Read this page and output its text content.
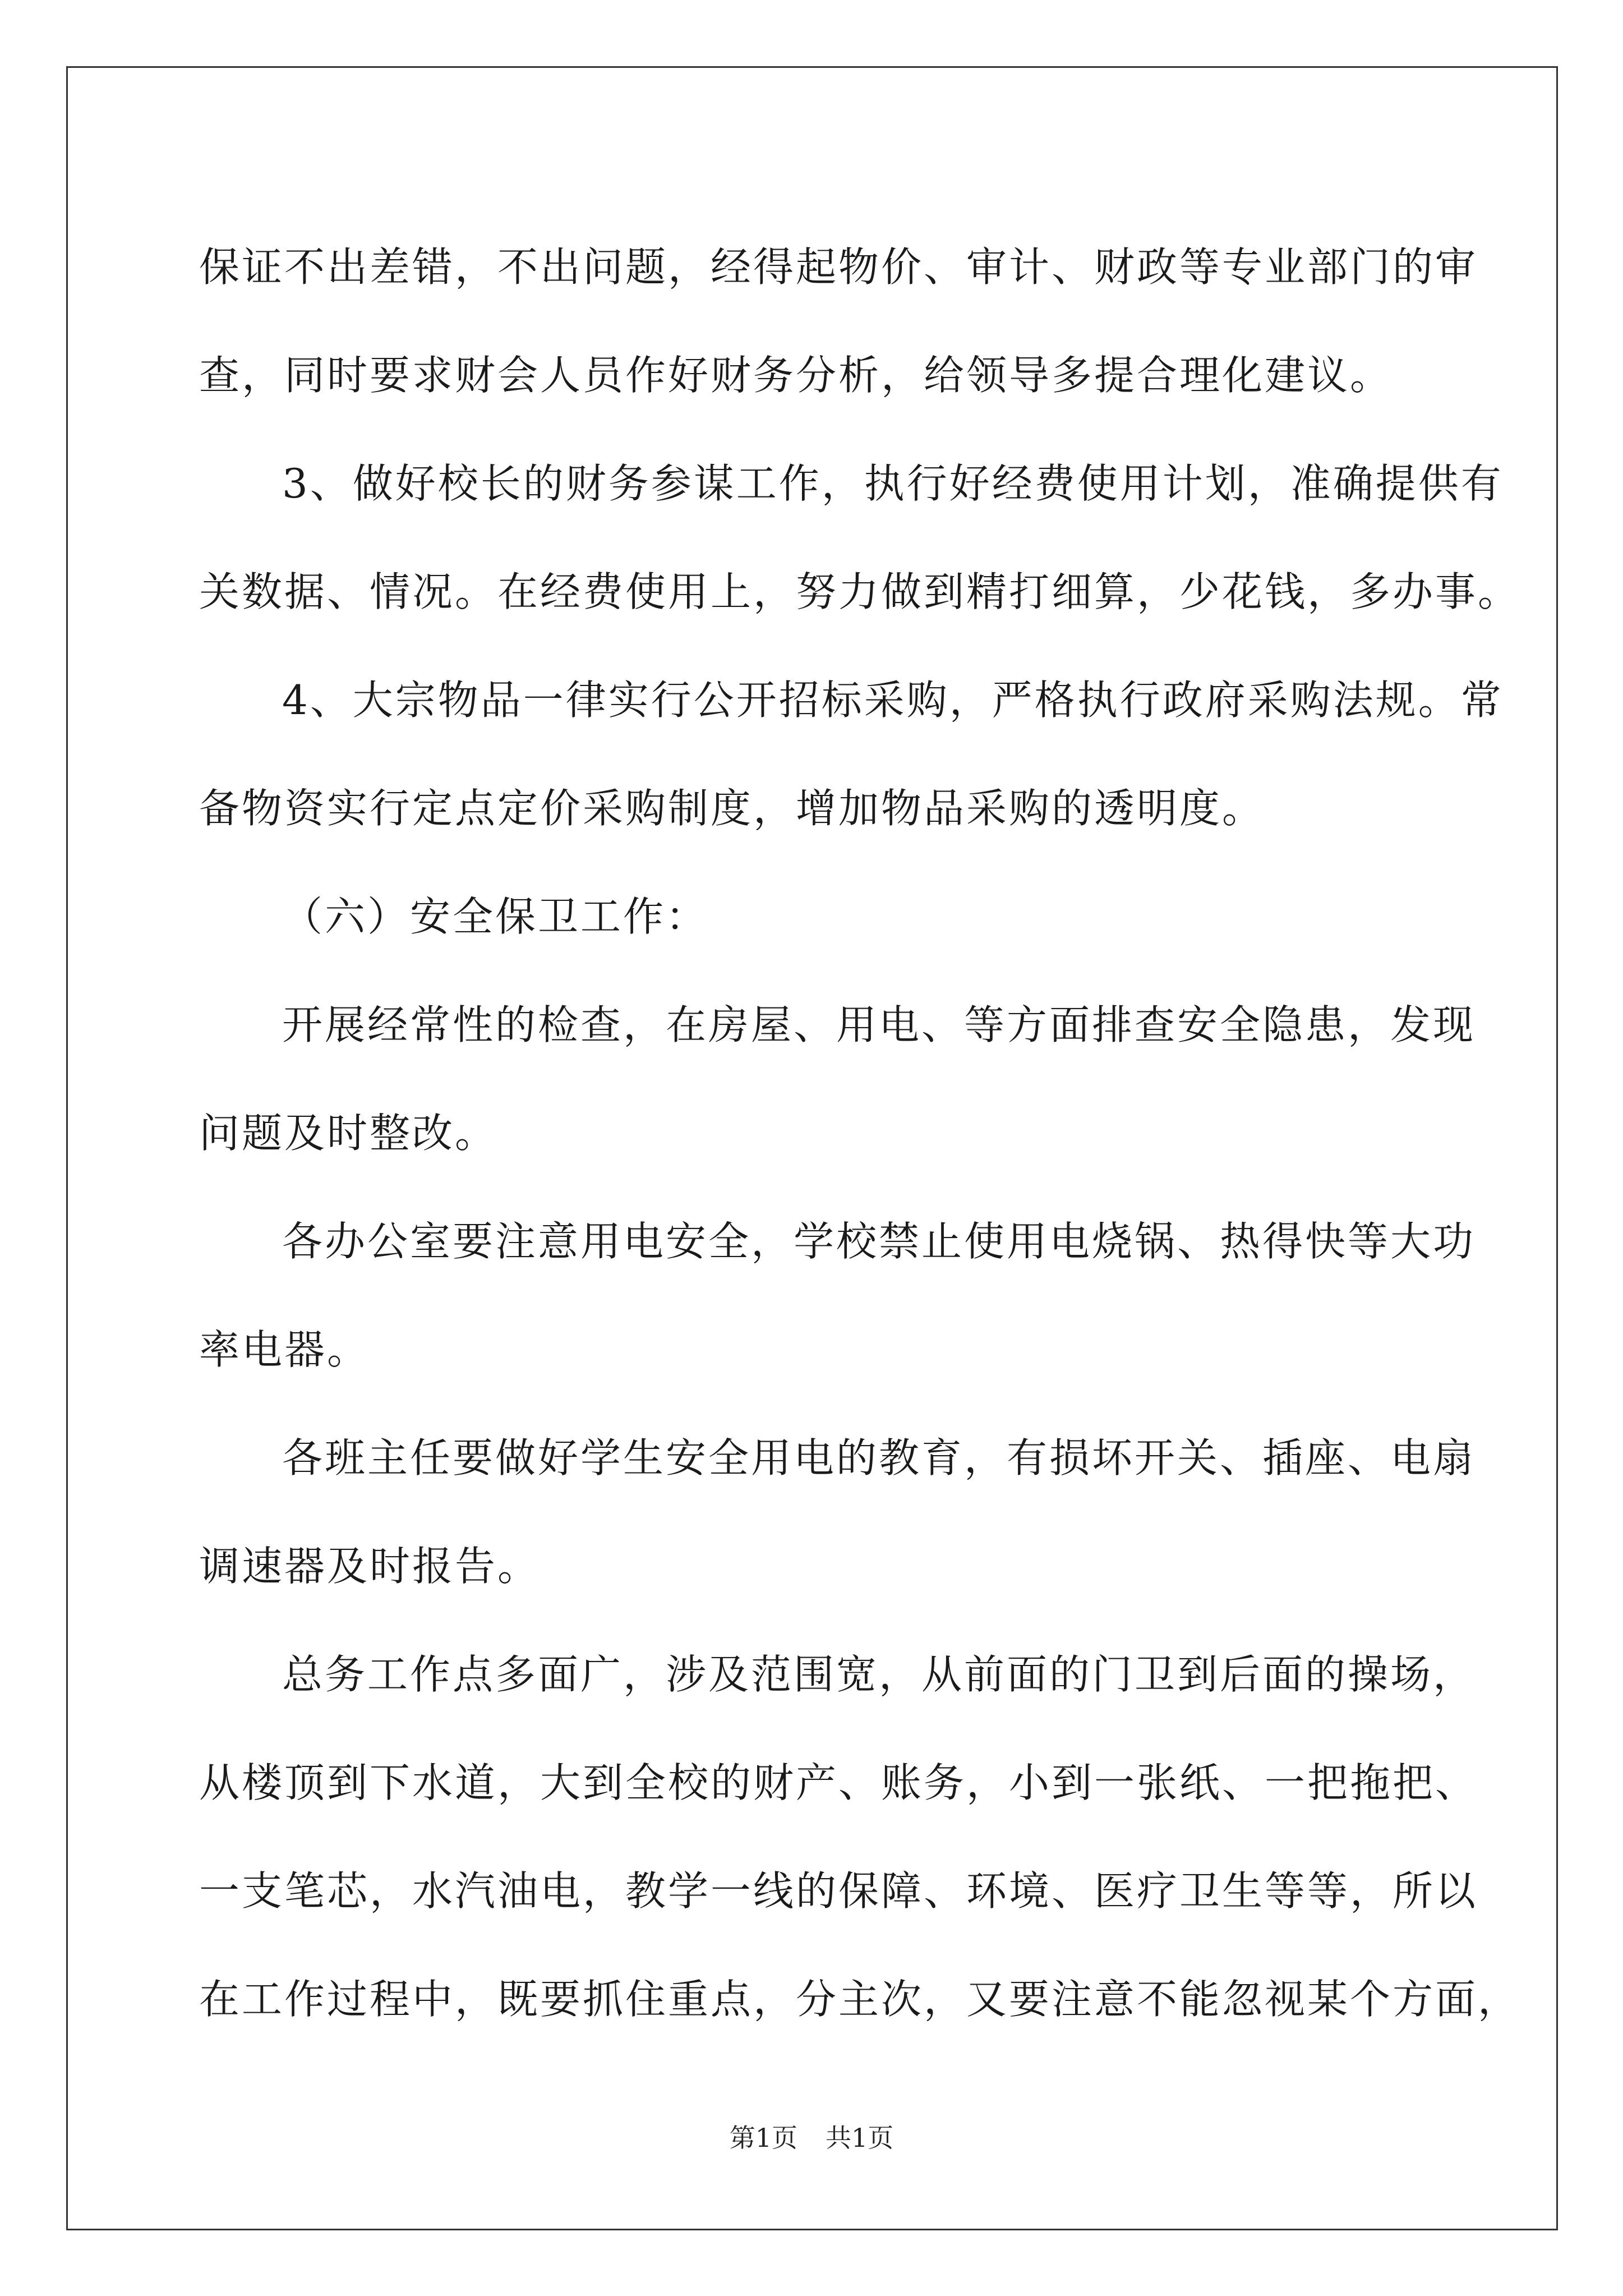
保证不出差错，不出问题，经得起物价、审计、财政等专业部门的审

查，同时要求财会人员作好财务分析，给领导多提合理化建议。

3、做好校长的财务参谋工作，执行好经费使用计划，准确提供有

关数据、情况。在经费使用上，努力做到精打细算，少花钱，多办事。

4、大宗物品一律实行公开招标采购，严格执行政府采购法规。常

备物资实行定点定价采购制度，增加物品采购的透明度。

（六）安全保卫工作：

开展经常性的检查，在房屋、用电、等方面排查安全隐患，发现

问题及时整改。

各办公室要注意用电安全，学校禁止使用电烧锅、热得快等大功

率电器。

各班主任要做好学生安全用电的教育，有损坏开关、插座、电扇

调速器及时报告。

总务工作点多面广，涉及范围宽，从前面的门卫到后面的操场，

从楼顶到下水道，大到全校的财产、账务，小到一张纸、一把拖把、

一支笔芯，水汽油电，教学一线的保障、环境、医疗卫生等等，所以

在工作过程中，既要抓住重点，分主次，又要注意不能忽视某个方面，

第1页 共1页
